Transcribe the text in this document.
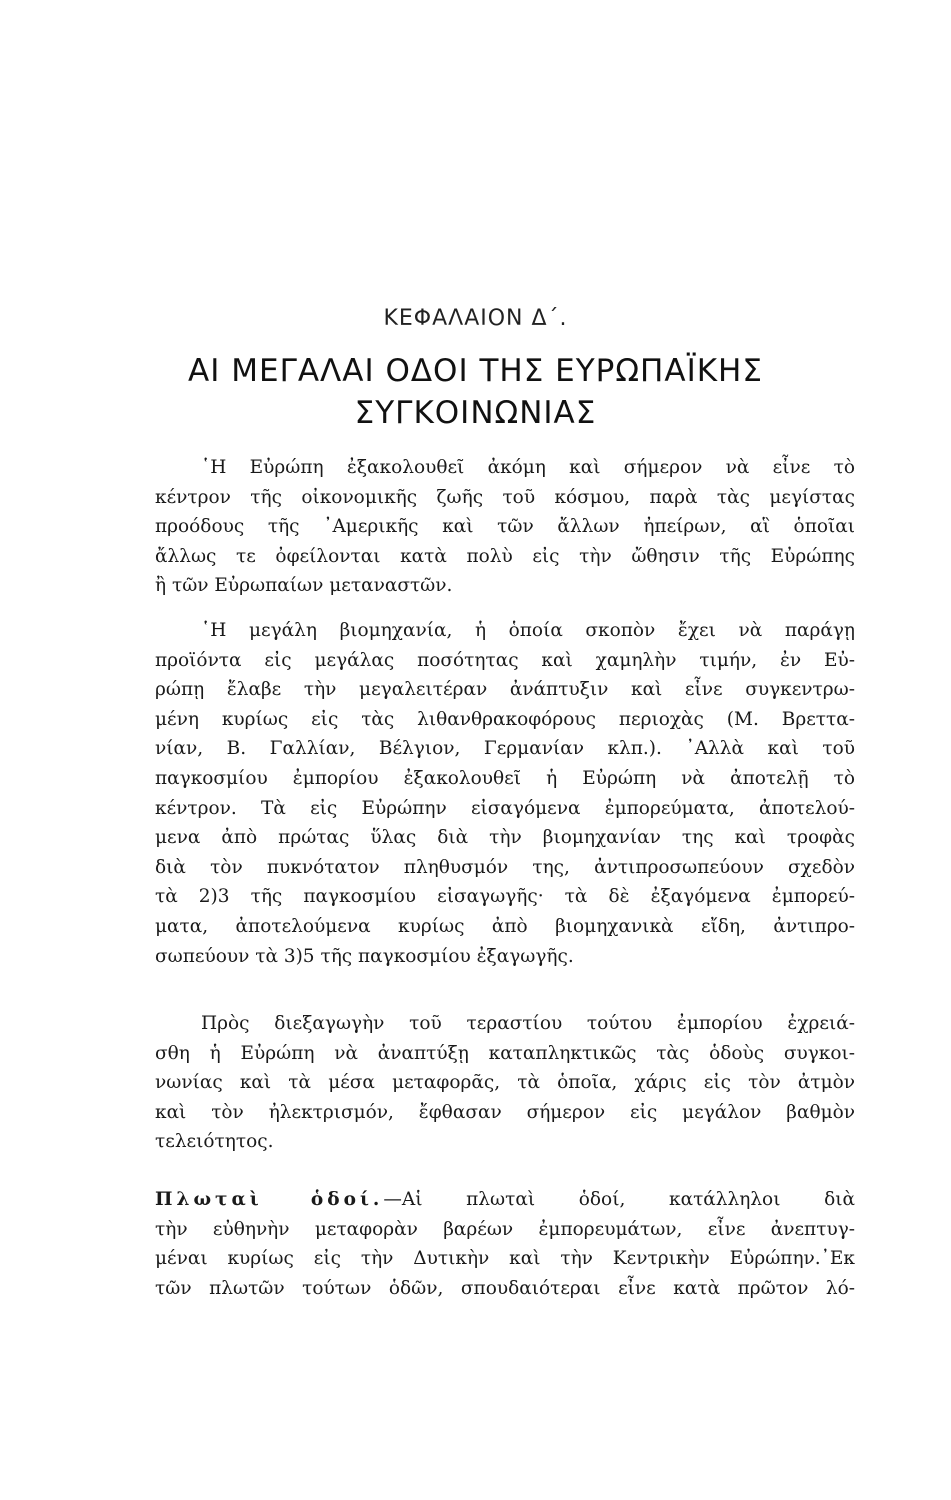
ΚΕΦΑΛΑΙΟΝ Δ΄.
ΑΙ ΜΕΓΑΛΑΙ ΟΔΟΙ ΤΗΣ ΕΥΡΩΠΑΪΚΗΣ
ΣΥΓΚΟΙΝΩΝΙΑΣ
῾Η Εὐρώπη ἐξακολουθεῖ ἀκόμη καὶ σήμερον νὰ εἶνε τὸ
κέντρον τῆς οἰκονομικῆς ζωῆς τοῦ κόσμου, παρὰ τὰς μεγίστας
προόδους τῆς ᾿Αμερικῆς καὶ τῶν ἄλλων ἠπείρων, αἳ ὁποῖαι
ἄλλως τε ὀφείλονται κατὰ πολὺ εἰς τὴν ὤθησιν τῆς Εὐρώπης
ἢ τῶν Εὐρωπαίων μεταναστῶν.
῾Η μεγάλη βιομηχανία, ἡ ὁποία σκοπὸν ἔχει νὰ παράγῃ
προϊόντα εἰς μεγάλας ποσότητας καὶ χαμηλὴν τιμήν, ἐν Εὐ-
ρώπῃ ἔλαβε τὴν μεγαλειτέραν ἀνάπτυξιν καὶ εἶνε συγκεντρω-
μένη κυρίως εἰς τὰς λιθανθρακοφόρους περιοχὰς (Μ. Βρεττα-
νίαν, Β. Γαλλίαν, Βέλγιον, Γερμανίαν κλπ.). ᾿Αλλὰ καὶ τοῦ
παγκοσμίου ἐμπορίου ἐξακολουθεῖ ἡ Εὐρώπη νὰ ἀποτελῇ τὸ
κέντρον. Τὰ εἰς Εὐρώπην εἰσαγόμενα ἐμπορεύματα, ἀποτελού-
μενα ἀπὸ πρώτας ὕλας διὰ τὴν βιομηχανίαν της καὶ τροφὰς
διὰ τὸν πυκνότατον πληθυσμόν της, ἀντιπροσωπεύουν σχεδὸν
τὰ 2)3 τῆς παγκοσμίου εἰσαγωγῆς· τὰ δὲ ἐξαγόμενα ἐμπορεύ-
ματα, ἀποτελούμενα κυρίως ἀπὸ βιομηχανικὰ εἴδη, ἀντιπρο-
σωπεύουν τὰ 3)5 τῆς παγκοσμίου ἐξαγωγῆς.
Πρὸς διεξαγωγὴν τοῦ τεραστίου τούτου ἐμπορίου ἐχρειά-
σθη ἡ Εὐρώπη νὰ ἀναπτύξῃ καταπληκτικῶς τὰς ὁδοὺς συγκοι-
νωνίας καὶ τὰ μέσα μεταφορᾶς, τὰ ὁποῖα, χάρις εἰς τὸν ἀτμὸν
καὶ τὸν ἠλεκτρισμόν, ἔφθασαν σήμερον εἰς μεγάλον βαθμὸν
τελειότητος.
Πλωταὶ ὁδοί.—Αἱ πλωταὶ ὁδοί, κατάλληλοι διὰ
τὴν εὐθηνὴν μεταφορὰν βαρέων ἐμπορευμάτων, εἶνε ἀνεπτυγ-
μέναι κυρίως εἰς τὴν Δυτικὴν καὶ τὴν Κεντρικὴν Εὐρώπην.᾿Εκ
τῶν πλωτῶν τούτων ὁδῶν, σπουδαιότεραι εἶνε κατὰ πρῶτον λό-
